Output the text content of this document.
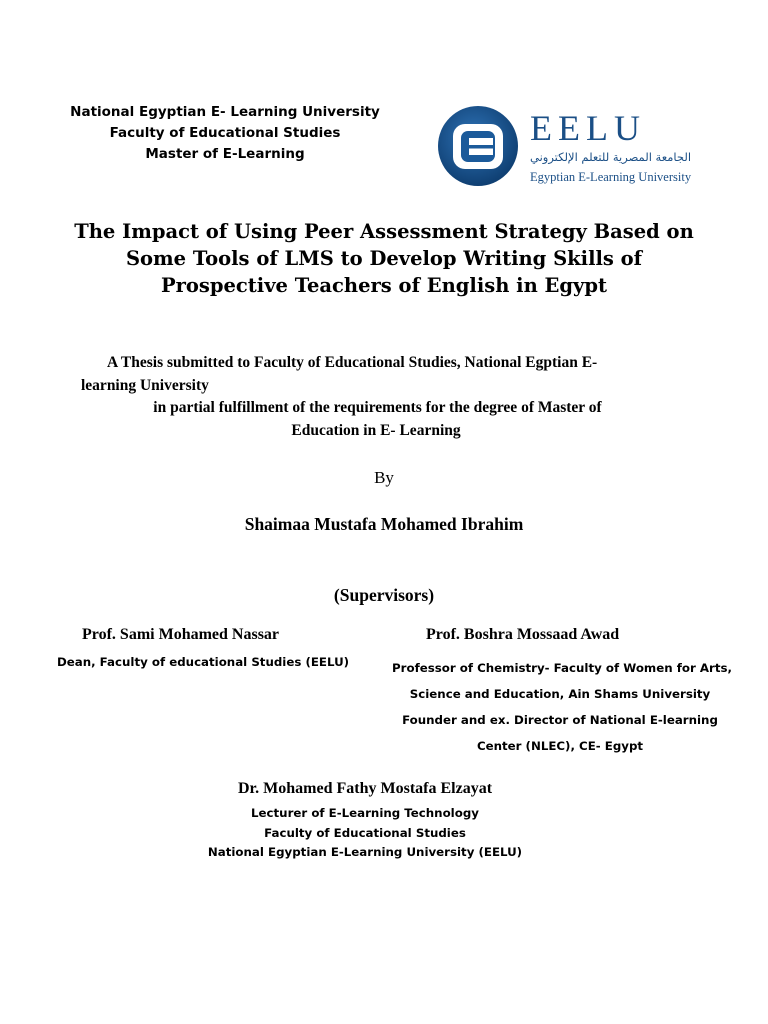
National Egyptian E- Learning University
Faculty of Educational Studies
Master of E-Learning
EELU
الجامعة المصرية للتعلم الإلكتروني
Egyptian E-Learning University
The Impact of Using Peer Assessment Strategy Based on
Some Tools of LMS to Develop Writing Skills of
Prospective Teachers of English in Egypt
A Thesis submitted to Faculty of Educational Studies, National Egptian E-
learning University
in partial fulfillment of the requirements for the degree of Master of
Education in E- Learning
By
Shaimaa Mustafa Mohamed Ibrahim
(Supervisors)
Prof. Sami Mohamed Nassar
Dean, Faculty of educational Studies (EELU)
Prof. Boshra Mossaad Awad
Professor of Chemistry- Faculty of Women for Arts,
Science and Education, Ain Shams University
Founder and ex. Director of National E-learning
Center (NLEC), CE- Egypt
Dr. Mohamed Fathy Mostafa Elzayat
Lecturer of E-Learning Technology
Faculty of Educational Studies
National Egyptian E-Learning University (EELU)
